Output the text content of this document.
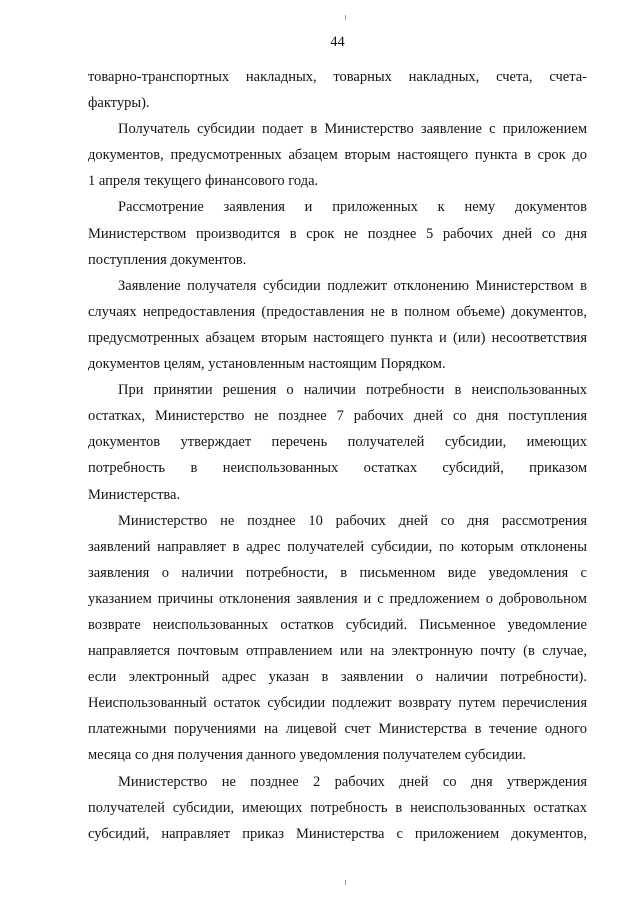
44
товарно-транспортных накладных, товарных накладных, счета, счета-
фактуры).
Получатель субсидии подает в Министерство заявление с приложением
документов, предусмотренных абзацем вторым настоящего пункта в срок до
1 апреля текущего финансового года.
Рассмотрение заявления и приложенных к нему документов
Министерством производится в срок не позднее 5 рабочих дней со дня
поступления документов.
Заявление получателя субсидии подлежит отклонению Министерством в
случаях непредоставления (предоставления не в полном объеме) документов,
предусмотренных абзацем вторым настоящего пункта и (или) несоответствия
документов целям, установленным настоящим Порядком.
При принятии решения о наличии потребности в неиспользованных
остатках, Министерство не позднее 7 рабочих дней со дня поступления
документов утверждает перечень получателей субсидии, имеющих
потребность в неиспользованных остатках субсидий, приказом
Министерства.
Министерство не позднее 10 рабочих дней со дня рассмотрения
заявлений направляет в адрес получателей субсидии, по которым отклонены
заявления о наличии потребности, в письменном виде уведомления с
указанием причины отклонения заявления и с предложением о добровольном
возврате неиспользованных остатков субсидий. Письменное уведомление
направляется почтовым отправлением или на электронную почту (в случае,
если электронный адрес указан в заявлении о наличии потребности).
Неиспользованный остаток субсидии подлежит возврату путем перечисления
платежными поручениями на лицевой счет Министерства в течение одного
месяца со дня получения данного уведомления получателем субсидии.
Министерство не позднее 2 рабочих дней со дня утверждения
получателей субсидии, имеющих потребность в неиспользованных остатках
субсидий, направляет приказ Министерства с приложением документов,
